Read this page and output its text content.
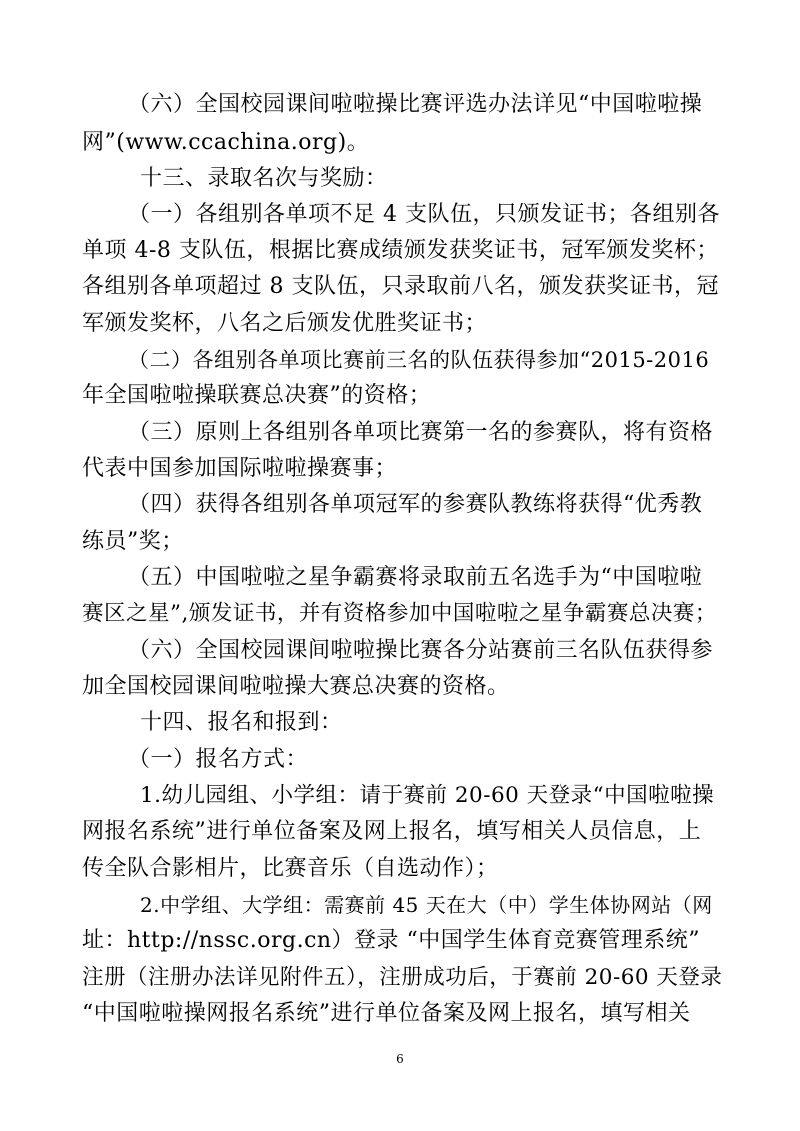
（六）全国校园课间啦啦操比赛评选办法详见“中国啦啦操
网”(www.ccachina.org)。
十三、录取名次与奖励：
（一）各组别各单项不足 4 支队伍，只颁发证书；各组别各
单项 4-8 支队伍，根据比赛成绩颁发获奖证书，冠军颁发奖杯；
各组别各单项超过 8 支队伍，只录取前八名，颁发获奖证书，冠
军颁发奖杯，八名之后颁发优胜奖证书；
（二）各组别各单项比赛前三名的队伍获得参加“2015-2016
年全国啦啦操联赛总决赛”的资格；
（三）原则上各组别各单项比赛第一名的参赛队，将有资格
代表中国参加国际啦啦操赛事；
（四）获得各组别各单项冠军的参赛队教练将获得“优秀教
练员”奖；
（五）中国啦啦之星争霸赛将录取前五名选手为“中国啦啦
赛区之星”,颁发证书，并有资格参加中国啦啦之星争霸赛总决赛；
（六）全国校园课间啦啦操比赛各分站赛前三名队伍获得参
加全国校园课间啦啦操大赛总决赛的资格。
十四、报名和报到：
（一）报名方式：
1.幼儿园组、小学组：请于赛前 20-60 天登录“中国啦啦操
网报名系统”进行单位备案及网上报名，填写相关人员信息，上
传全队合影相片，比赛音乐（自选动作）；
2.中学组、大学组：需赛前 45 天在大（中）学生体协网站（网
址：http://nssc.org.cn）登录 “中国学生体育竞赛管理系统”
注册（注册办法详见附件五），注册成功后，于赛前 20-60 天登录
“中国啦啦操网报名系统”进行单位备案及网上报名，填写相关
6
